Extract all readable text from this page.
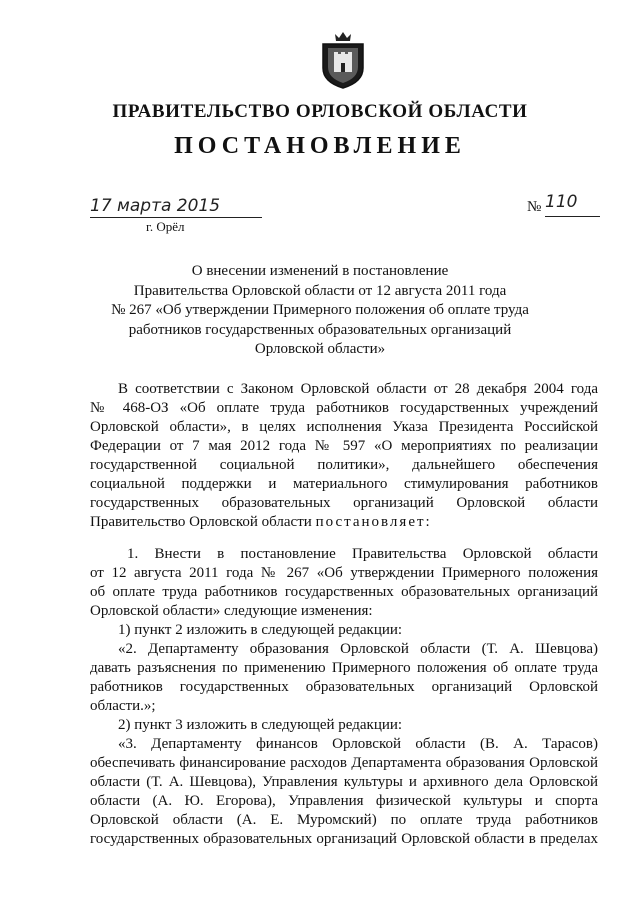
ПРАВИТЕЛЬСТВО ОРЛОВСКОЙ ОБЛАСТИ
ПОСТАНОВЛЕНИЕ
17 марта 2015
г. Орёл
№ 110
О внесении изменений в постановление
Правительства Орловской области от 12 августа 2011 года
№ 267 «Об утверждении Примерного положения об оплате труда
работников государственных образовательных организаций
Орловской области»
В соответствии с Законом Орловской области от 28 декабря 2004 года
№ 468-ОЗ «Об оплате труда работников государственных учреждений
Орловской области», в целях исполнения Указа Президента Российской
Федерации от 7 мая 2012 года № 597 «О мероприятиях по реализации
государственной социальной политики», дальнейшего обеспечения
социальной поддержки и материального стимулирования работников
государственных образовательных организаций Орловской области
Правительство Орловской области постановляет:
1. Внести в постановление Правительства Орловской области
от 12 августа 2011 года № 267 «Об утверждении Примерного положения
об оплате труда работников государственных образовательных организаций
Орловской области» следующие изменения:
1) пункт 2 изложить в следующей редакции:
«2. Департаменту образования Орловской области (Т. А. Шевцова)
давать разъяснения по применению Примерного положения об оплате труда
работников государственных образовательных организаций Орловской
области.»;
2) пункт 3 изложить в следующей редакции:
«3. Департаменту финансов Орловской области (В. А. Тарасов)
обеспечивать финансирование расходов Департамента образования Орловской
области (Т. А. Шевцова), Управления культуры и архивного дела Орловской
области (А. Ю. Егорова), Управления физической культуры и спорта
Орловской области (А. Е. Муромский) по оплате труда работников
государственных образовательных организаций Орловской области в пределах
